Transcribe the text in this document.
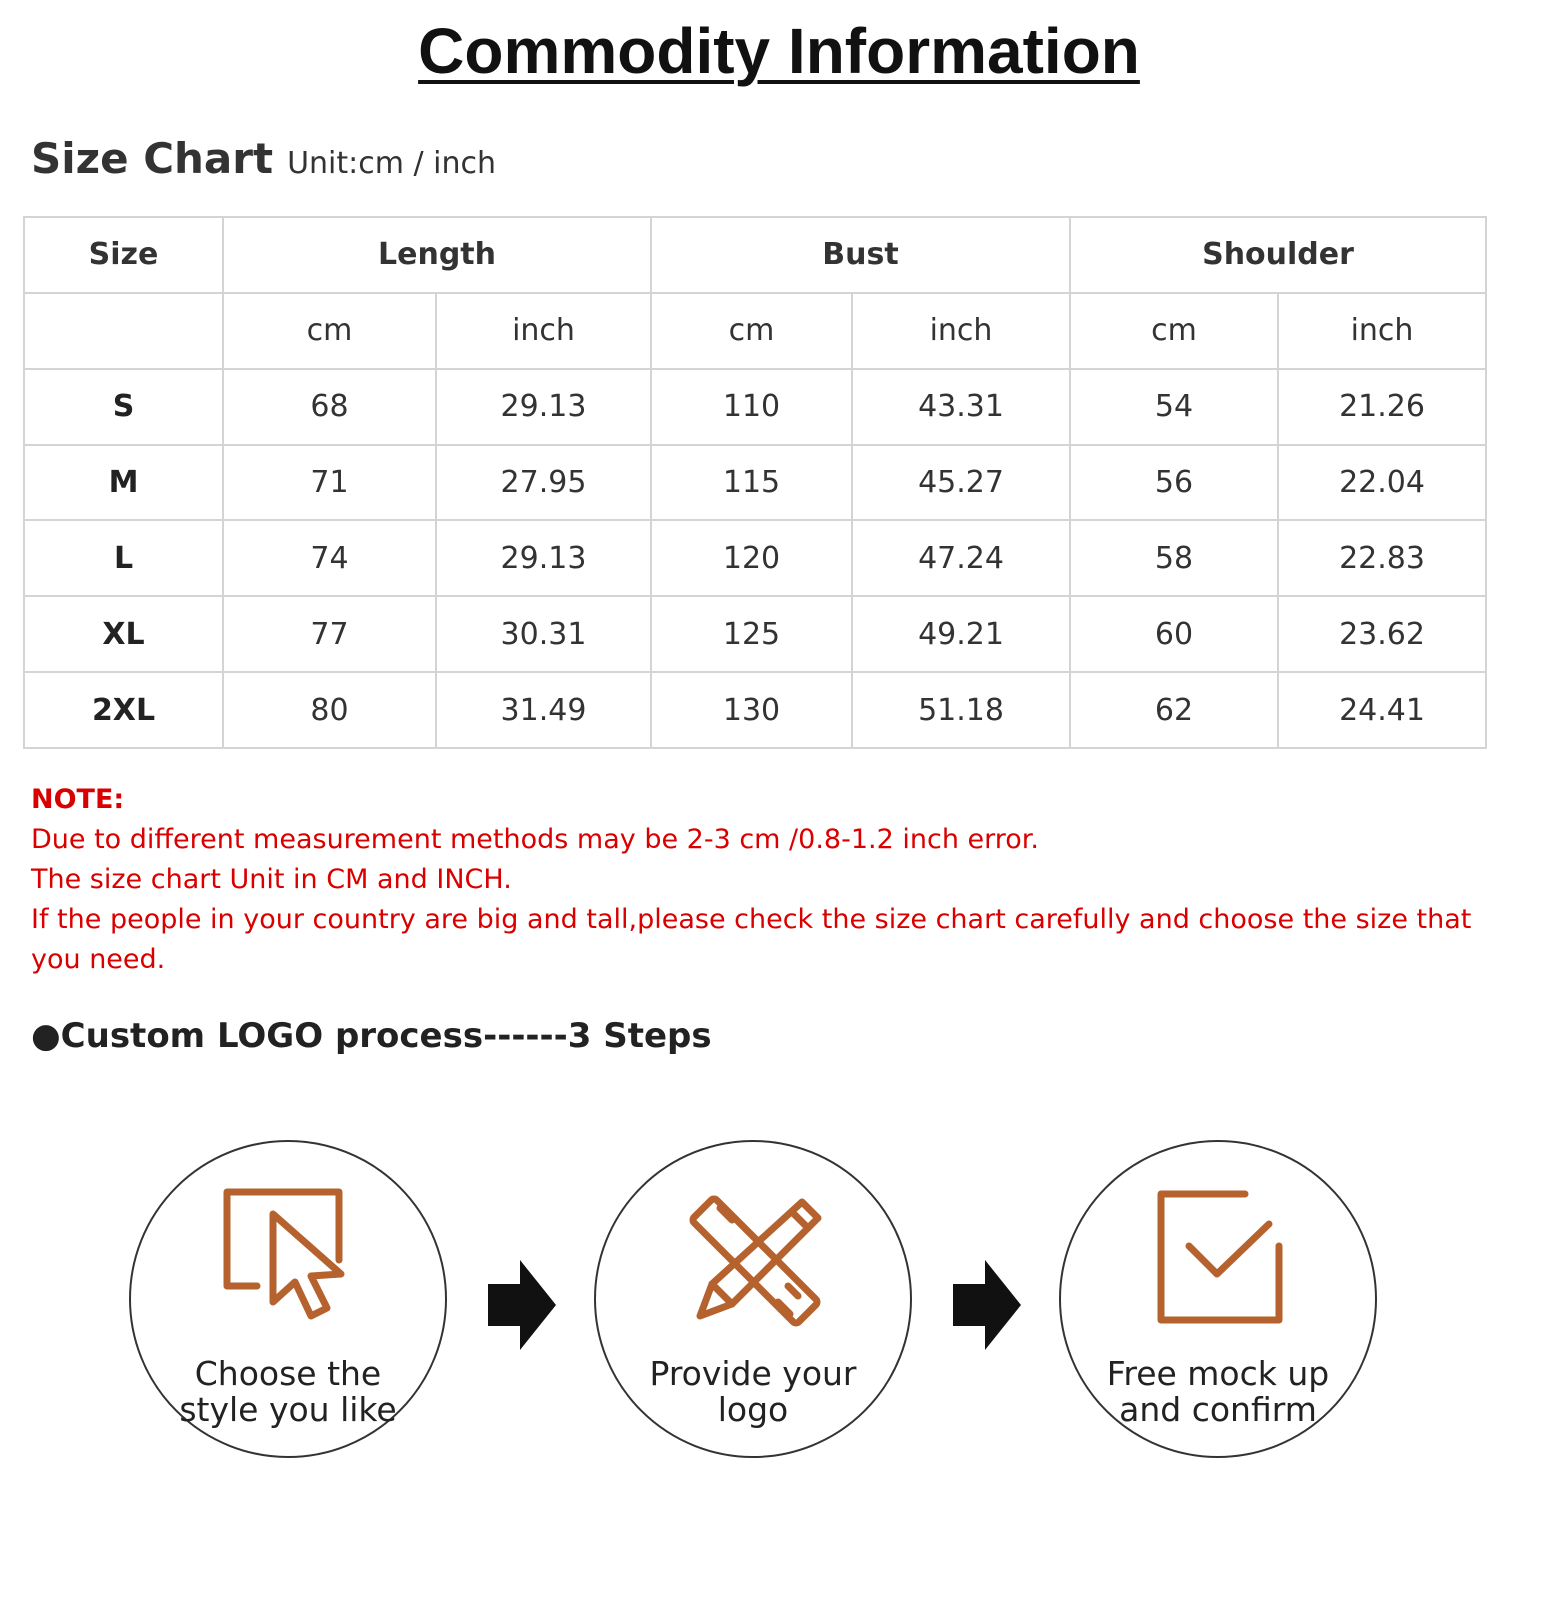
Commodity Information
Size Chart Unit:cm / inch
Size	Length		Bust		Shoulder	
	cm	inch	cm	inch	cm	inch
S	68	29.13	110	43.31	54	21.26
M	71	27.95	115	45.27	56	22.04
L	74	29.13	120	47.24	58	22.83
XL	77	30.31	125	49.21	60	23.62
2XL	80	31.49	130	51.18	62	24.41

NOTE:

Due to different measurement methods may be 2-3 cm /0.8-1.2 inch error.

The size chart Unit in CM and INCH.

If the people in your country are big and tall,please check the size chart carefully and choose the size that you need.

●Custom LOGO process------3 Steps
Choose the
style you like
Provide your
logo
Free mock up
and confirm
